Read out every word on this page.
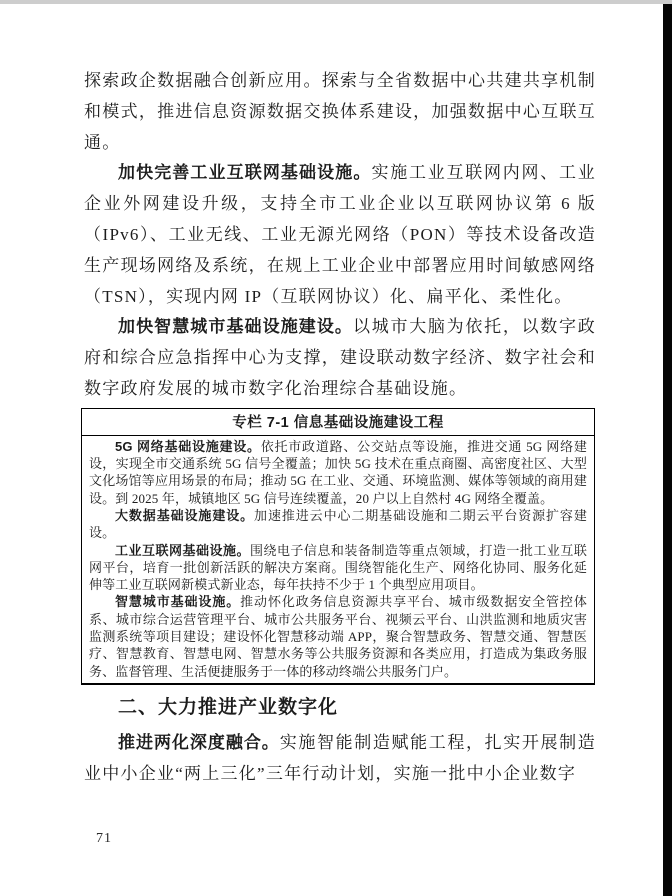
探索政企数据融合创新应用。探索与全省数据中心共建共享机制和模式，推进信息资源数据交换体系建设，加强数据中心互联互通。

加快完善工业互联网基础设施。实施工业互联网内网、工业企业外网建设升级，支持全市工业企业以互联网协议第 6 版（IPv6）、工业无线、工业无源光网络（PON）等技术设备改造生产现场网络及系统，在规上工业企业中部署应用时间敏感网络（TSN），实现内网 IP（互联网协议）化、扁平化、柔性化。

加快智慧城市基础设施建设。以城市大脑为依托，以数字政府和综合应急指挥中心为支撑，建设联动数字经济、数字社会和数字政府发展的城市数字化治理综合基础设施。

专栏 7-1 信息基础设施建设工程

5G 网络基础设施建设。依托市政道路、公交站点等设施，推进交通 5G 网络建设，实现全市交通系统 5G 信号全覆盖；加快 5G 技术在重点商圈、高密度社区、大型文化场馆等应用场景的布局；推动 5G 在工业、交通、环境监测、媒体等领域的商用建设。到 2025 年，城镇地区 5G 信号连续覆盖，20 户以上自然村 4G 网络全覆盖。

大数据基础设施建设。加速推进云中心二期基础设施和二期云平台资源扩容建设。

工业互联网基础设施。围绕电子信息和装备制造等重点领域，打造一批工业互联网平台，培育一批创新活跃的解决方案商。围绕智能化生产、网络化协同、服务化延伸等工业互联网新模式新业态，每年扶持不少于 1 个典型应用项目。

智慧城市基础设施。推动怀化政务信息资源共享平台、城市级数据安全管控体系、城市综合运营管理平台、城市公共服务平台、视频云平台、山洪监测和地质灾害监测系统等项目建设；建设怀化智慧移动端 APP，聚合智慧政务、智慧交通、智慧医疗、智慧教育、智慧电网、智慧水务等公共服务资源和各类应用，打造成为集政务服务、监督管理、生活便捷服务于一体的移动终端公共服务门户。

二、大力推进产业数字化

推进两化深度融合。实施智能制造赋能工程，扎实开展制造业中小企业“两上三化”三年行动计划，实施一批中小企业数字

71
